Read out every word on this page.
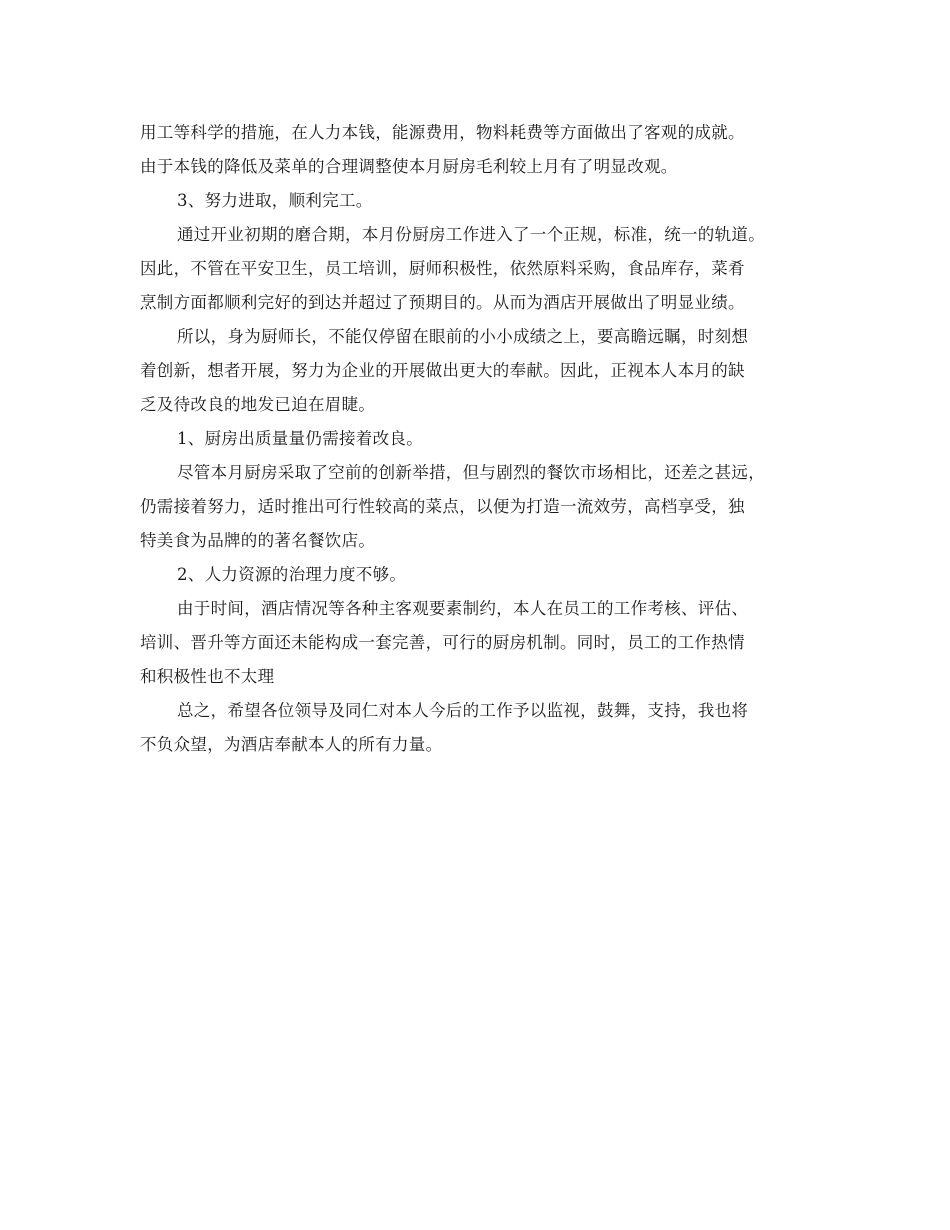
用工等科学的措施，在人力本钱，能源费用，物料耗费等方面做出了客观的成就。
由于本钱的降低及菜单的合理调整使本月厨房毛利较上月有了明显改观。
3、努力进取，顺利完工。
通过开业初期的磨合期，本月份厨房工作进入了一个正规，标准，统一的轨道。
因此，不管在平安卫生，员工培训，厨师积极性，依然原料采购，食品库存，菜肴
烹制方面都顺利完好的到达并超过了预期目的。从而为酒店开展做出了明显业绩。
所以，身为厨师长，不能仅停留在眼前的小小成绩之上，要高瞻远瞩，时刻想
着创新，想者开展，努力为企业的开展做出更大的奉献。因此，正视本人本月的缺
乏及待改良的地发已迫在眉睫。
1、厨房出质量量仍需接着改良。
尽管本月厨房采取了空前的创新举措，但与剧烈的餐饮市场相比，还差之甚远，
仍需接着努力，适时推出可行性较高的菜点，以便为打造一流效劳，高档享受，独
特美食为品牌的的著名餐饮店。
2、人力资源的治理力度不够。
由于时间，酒店情况等各种主客观要素制约，本人在员工的工作考核、评估、
培训、晋升等方面还未能构成一套完善，可行的厨房机制。同时，员工的工作热情
和积极性也不太理
总之，希望各位领导及同仁对本人今后的工作予以监视，鼓舞，支持，我也将
不负众望，为酒店奉献本人的所有力量。
